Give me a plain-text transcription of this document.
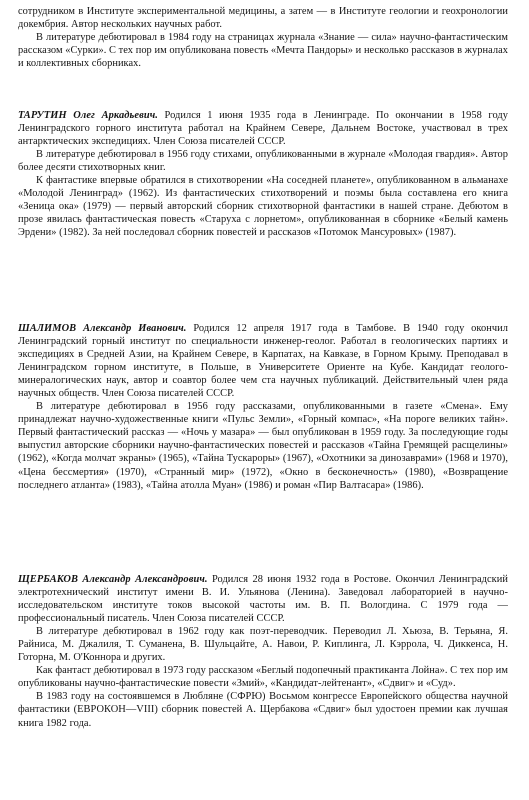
сотрудником в Институте экспериментальной медицины, а затем — в Институте геологии и геохронологии докембрия. Автор нескольких научных работ.

В литературе дебютировал в 1984 году на страницах журнала «Знание — сила» научно-фантастическим рассказом «Сурки». С тех пор им опубликована повесть «Мечта Пандоры» и несколько рассказов в журналах и коллективных сборниках.

ТАРУТИН Олег Аркадьевич. Родился 1 июня 1935 года в Ленинграде. По окончании в 1958 году Ленинградского горного института работал на Крайнем Севере, Дальнем Востоке, участвовал в трех антарктических экспедициях. Член Союза писателей СССР.

В литературе дебютировал в 1956 году стихами, опубликованными в журнале «Молодая гвардия». Автор более десяти стихотворных книг.

К фантастике впервые обратился в стихотворении «На соседней планете», опубликованном в альманахе «Молодой Ленинград» (1962). Из фантастических стихотворений и поэмы была составлена его книга «Зеница ока» (1979) — первый авторский сборник стихотворной фантастики в нашей стране. Дебютом в прозе явилась фантастическая повесть «Старуха с лорнетом», опубликованная в сборнике «Белый камень Эрдени» (1982). За ней последовал сборник повестей и рассказов «Потомок Мансуровых» (1987).

ШАЛИМОВ Александр Иванович. Родился 12 апреля 1917 года в Тамбове. В 1940 году окончил Ленинградский горный институт по специальности инженер-геолог. Работал в геологических партиях и экспедициях в Средней Азии, на Крайнем Севере, в Карпатах, на Кавказе, в Горном Крыму. Преподавал в Ленинградском горном институте, в Польше, в Университете Ориенте на Кубе. Кандидат геолого-минералогических наук, автор и соавтор более чем ста научных публикаций. Действительный член ряда научных обществ. Член Союза писателей СССР.

В литературе дебютировал в 1956 году рассказами, опубликованными в газете «Смена». Ему принадлежат научно-художественные книги «Пульс Земли», «Горный компас», «На пороге великих тайн». Первый фантастический рассказ — «Ночь у мазара» — был опубликован в 1959 году. За последующие годы выпустил авторские сборники научно-фантастических повестей и рассказов «Тайна Гремящей расщелины» (1962), «Когда молчат экраны» (1965), «Тайна Тускароры» (1967), «Охотники за динозаврами» (1968 и 1970), «Цена бессмертия» (1970), «Странный мир» (1972), «Окно в бесконечность» (1980), «Возвращение последнего атланта» (1983), «Тайна атолла Муан» (1986) и роман «Пир Валтасара» (1986).

ЩЕРБАКОВ Александр Александрович. Родился 28 июня 1932 года в Ростове. Окончил Ленинградский электротехнический институт имени В. И. Ульянова (Ленина). Заведовал лабораторией в научно-исследовательском институте токов высокой частоты им. В. П. Вологдина. С 1979 года — профессиональный писатель. Член Союза писателей СССР.

В литературе дебютировал в 1962 году как поэт-переводчик. Переводил Л. Хьюза, В. Терьяна, Я. Райниса, М. Джалиля, Т. Суманена, В. Шульцайте, А. Навои, Р. Киплинга, Л. Кэррола, Ч. Диккенса, Н. Готорна, М. О'Коннора и других.

Как фантаст дебютировал в 1973 году рассказом «Беглый подопечный практиканта Лойна». С тех пор им опубликованы научно-фантастические повести «Змий», «Кандидат-лейтенант», «Сдвиг» и «Суд».

В 1983 году на состоявшемся в Люблянe (СФРЮ) Восьмом конгрессе Европейского общества научной фантастики (ЕВРОКОН—VIII) сборник повестей А. Щербакова «Сдвиг» был удостоен премии как лучшая книга 1982 года.
